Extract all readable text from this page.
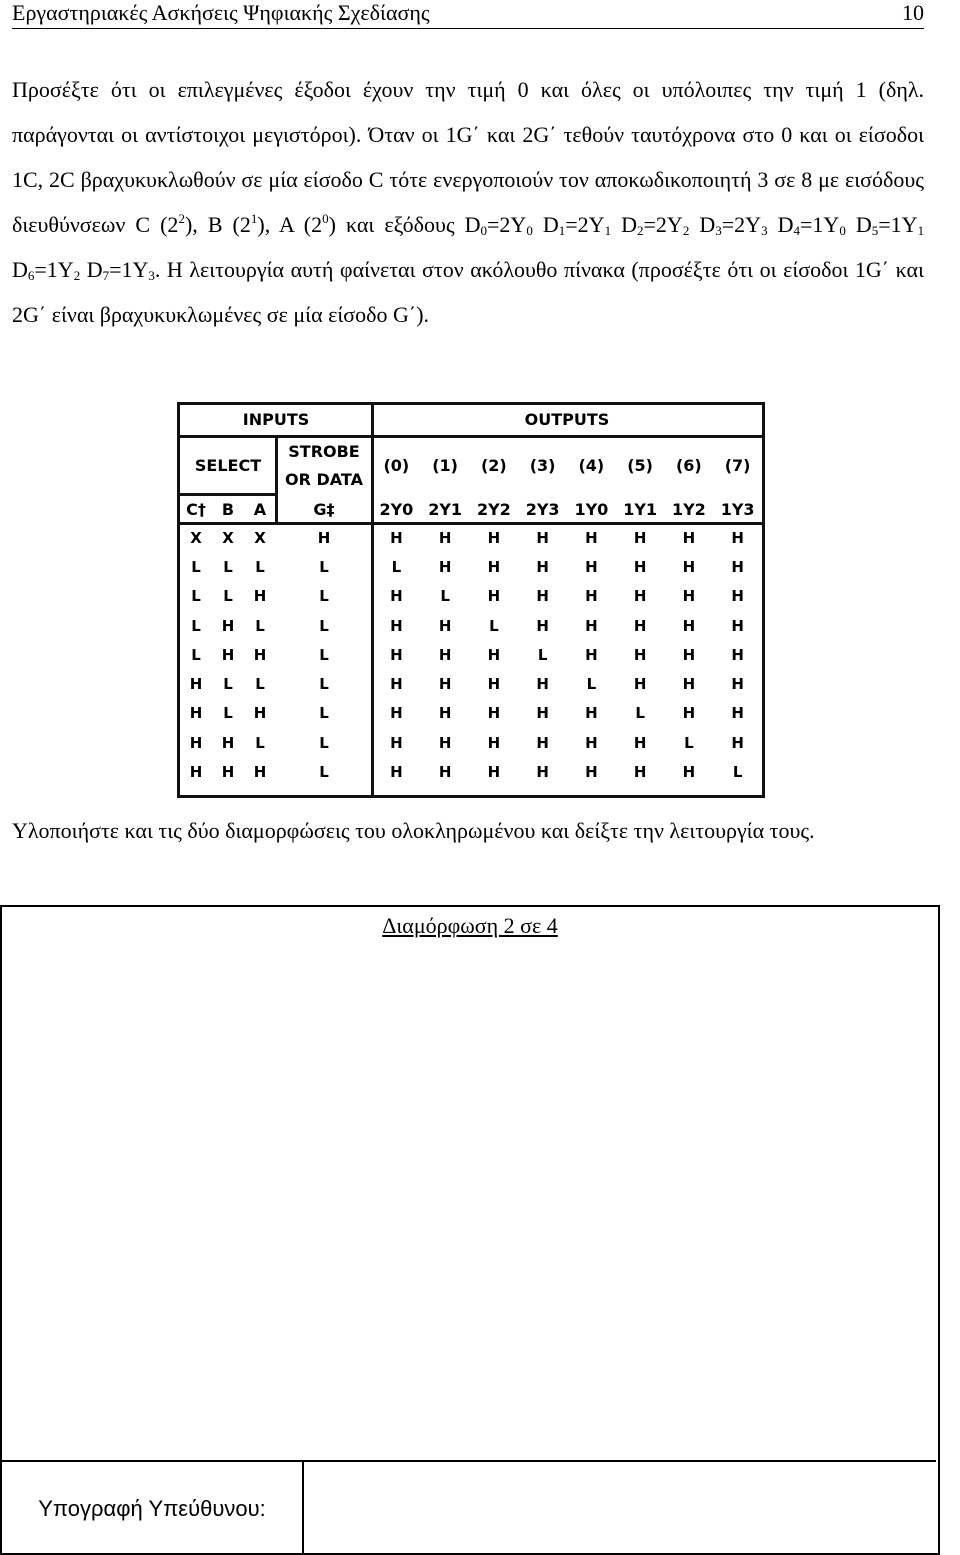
Εργαστηριακές Ασκήσεις Ψηφιακής Σχεδίασης	10

Προσέξτε ότι οι επιλεγμένες έξοδοι έχουν την τιμή 0 και όλες οι υπόλοιπες την τιμή 1 (δηλ. παράγονται οι αντίστοιχοι μεγιστόροι). Όταν οι 1G΄ και 2G΄ τεθούν ταυτόχρονα στο 0 και οι είσοδοι 1C, 2C βραχυκυκλωθούν σε μία είσοδο C τότε ενεργοποιούν τον αποκωδικοποιητή 3 σε 8 με εισόδους διευθύνσεων C $(2^2)$, B $(2^1)$, A $(2^0)$ και εξόδους $D_0=2Y_0$ $D_1=2Y_1$ $D_2=2Y_2$ $D_3=2Y_3$ $D_4=1Y_0$ $D_5=1Y_1$ $D_6=1Y_2$ $D_7=1Y_3$. Η λειτουργία αυτή φαίνεται στον ακόλουθο πίνακα (προσέξτε ότι οι είσοδοι 1G΄ και 2G΄ είναι βραχυκυκλωμένες σε μία είσοδο G΄).

INPUTS	OUTPUTS
SELECT
STROBE
OR DATA
(0)	(1)	(2)	(3)	(4)	(5)	(6)	(7)
C†	B	A	G‡	2Y0 2Y1 2Y2 2Y3 1Y0 1Y1 1Y2 1Y3
X	X	X	H	H	H	H	H	H	H	H	H
L	L	L	L	L	H	H	H	H	H	H	H
L	L	H	L	H	L	H	H	H	H	H	H
L	H	L	L	H	H	L	H	H	H	H	H
L	H	H	L	H	H	H	L	H	H	H	H
H	L	L	L	H	H	H	H	L	H	H	H
H	L	H	L	H	H	H	H	H	L	H	H
H	H	L	L	H	H	H	H	H	H	L	H
H	H	H	L	H	H	H	H	H	H	H	L

Υλοποιήστε και τις δύο διαμορφώσεις του ολοκληρωμένου και δείξτε την λειτουργία τους.

Διαμόρφωση 2 σε 4
Υπογραφή Υπεύθυνου:
